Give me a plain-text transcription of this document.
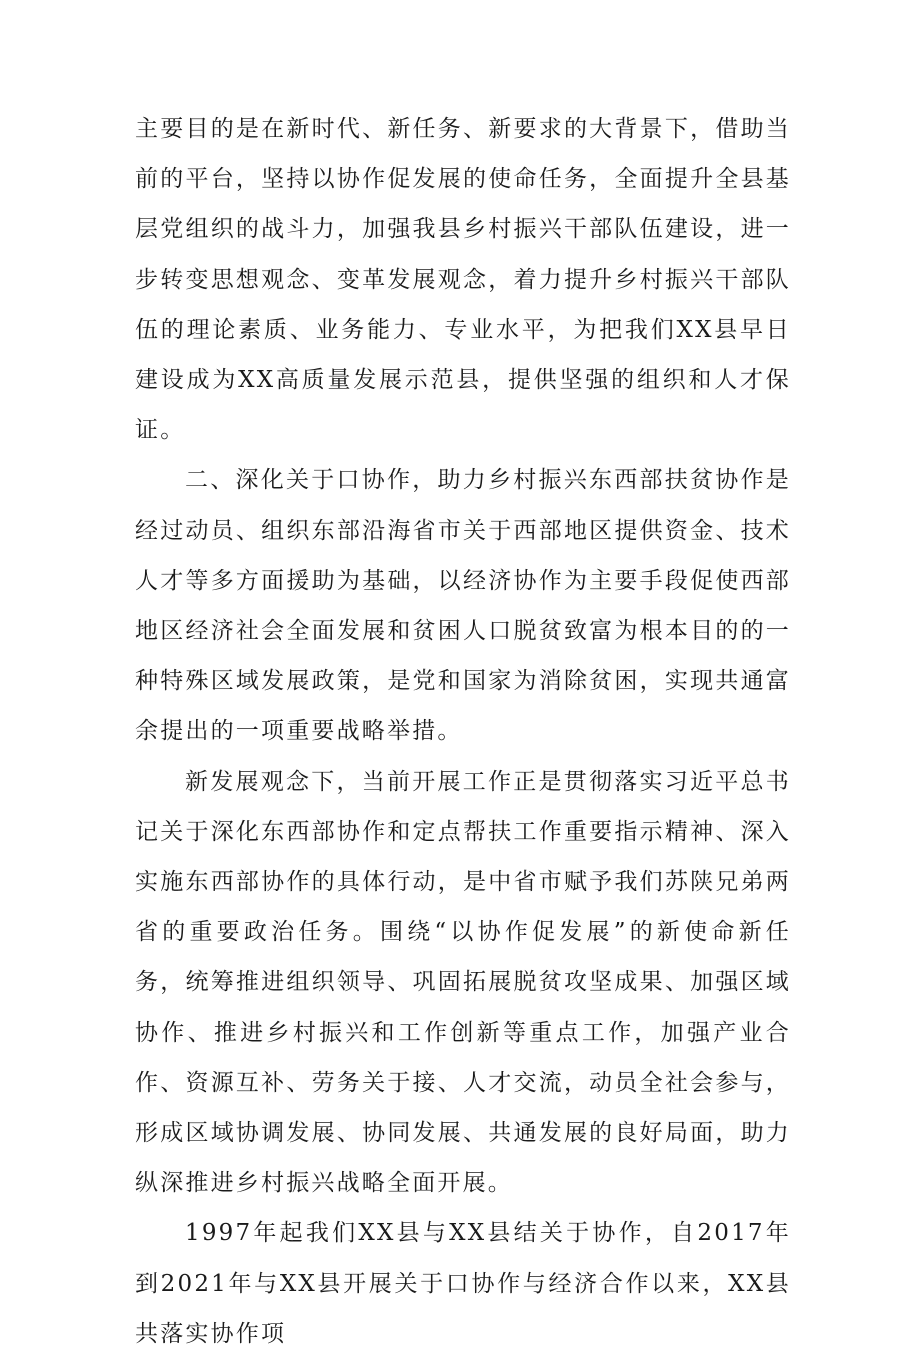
主要目的是在新时代、新任务、新要求的大背景下，借助当前的平台，坚持以协作促发展的使命任务，全面提升全县基层党组织的战斗力，加强我县乡村振兴干部队伍建设，进一步转变思想观念、变革发展观念，着力提升乡村振兴干部队伍的理论素质、业务能力、专业水平，为把我们XX县早日建设成为XX高质量发展示范县，提供坚强的组织和人才保证。

二、深化关于口协作，助力乡村振兴东西部扶贫协作是经过动员、组织东部沿海省市关于西部地区提供资金、技术人才等多方面援助为基础，以经济协作为主要手段促使西部地区经济社会全面发展和贫困人口脱贫致富为根本目的的一种特殊区域发展政策，是党和国家为消除贫困，实现共通富余提出的一项重要战略举措。

新发展观念下，当前开展工作正是贯彻落实习近平总书记关于深化东西部协作和定点帮扶工作重要指示精神、深入实施东西部协作的具体行动，是中省市赋予我们苏陕兄弟两省的重要政治任务。围绕“以协作促发展”的新使命新任务，统筹推进组织领导、巩固拓展脱贫攻坚成果、加强区域协作、推进乡村振兴和工作创新等重点工作，加强产业合作、资源互补、劳务关于接、人才交流，动员全社会参与，形成区域协调发展、协同发展、共通发展的良好局面，助力纵深推进乡村振兴战略全面开展。

1997年起我们XX县与XX县结关于协作，自2017年到2021年与XX县开展关于口协作与经济合作以来，XX县共落实协作项
